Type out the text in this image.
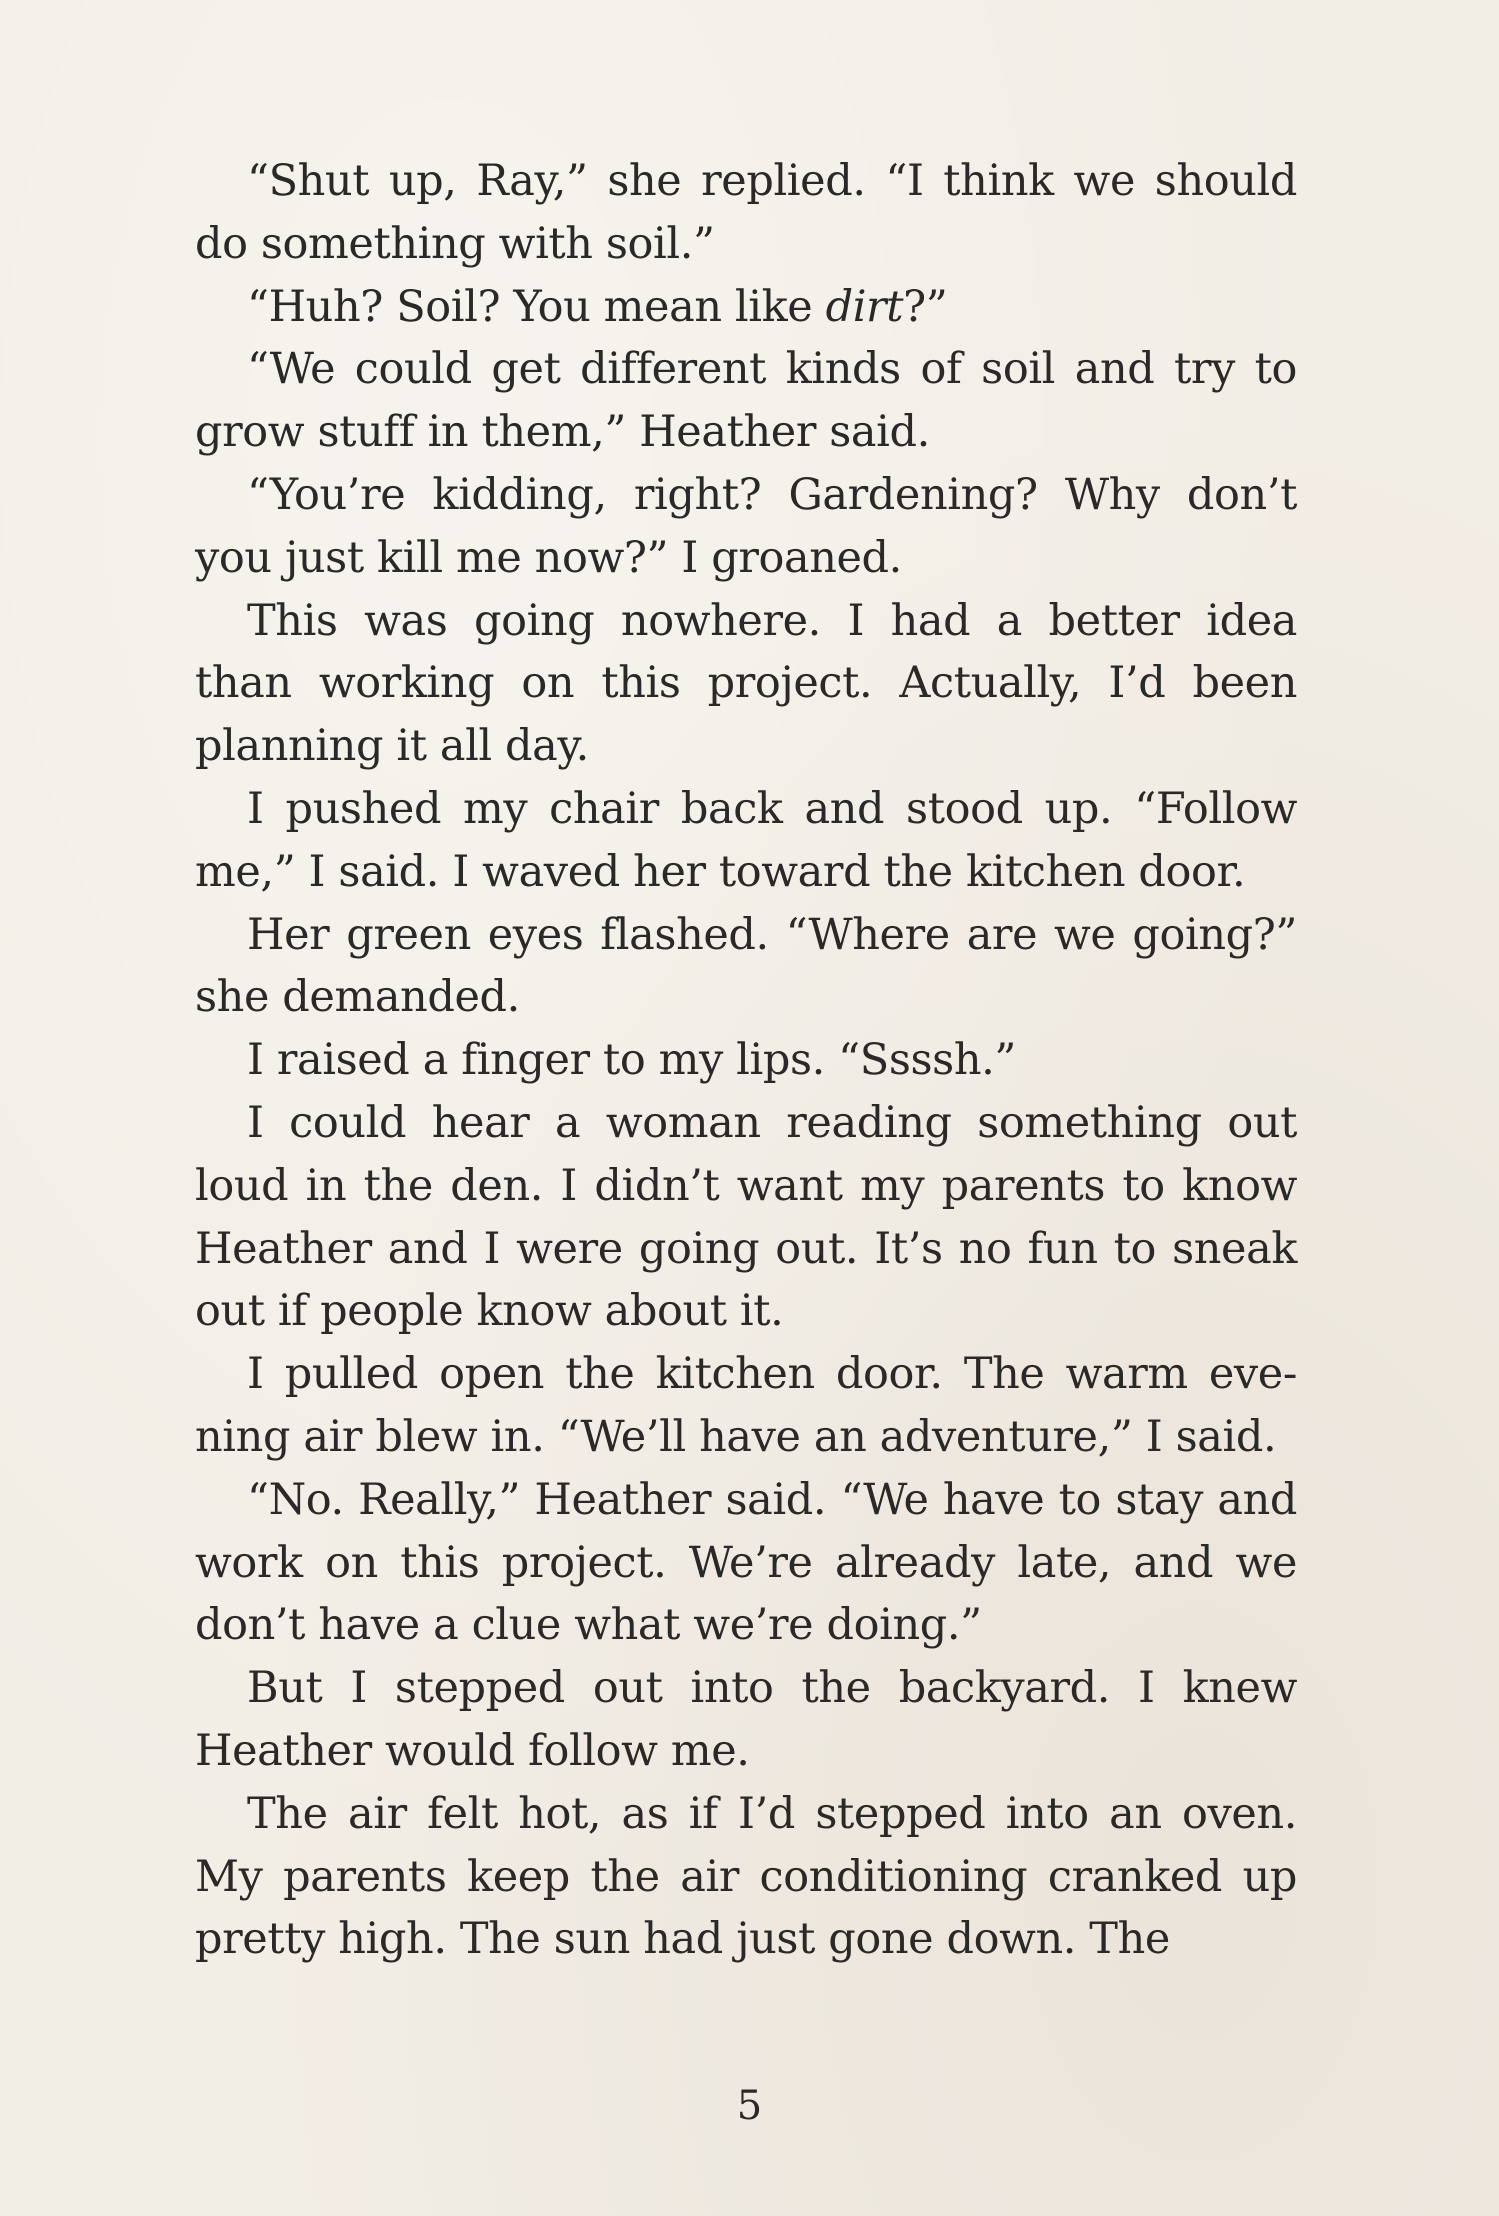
“Shut up, Ray,” she replied. “I think we should do something with soil.”

“Huh? Soil? You mean like dirt?”

“We could get different kinds of soil and try to grow stuff in them,” Heather said.

“You’re kidding, right? Gardening? Why don’t you just kill me now?” I groaned.

This was going nowhere. I had a better idea than working on this project. Actually, I’d been planning it all day.

I pushed my chair back and stood up. “Follow me,” I said. I waved her toward the kitchen door.

Her green eyes flashed. “Where are we going?” she demanded.

I raised a finger to my lips. “Ssssh.”

I could hear a woman reading something out loud in the den. I didn’t want my parents to know Heather and I were going out. It’s no fun to sneak out if people know about it.

I pulled open the kitchen door. The warm eve-ning air blew in. “We’ll have an adventure,” I said.

“No. Really,” Heather said. “We have to stay and work on this project. We’re already late, and we don’t have a clue what we’re doing.”

But I stepped out into the backyard. I knew Heather would follow me.

The air felt hot, as if I’d stepped into an oven. My parents keep the air conditioning cranked up pretty high. The sun had just gone down. The

5
